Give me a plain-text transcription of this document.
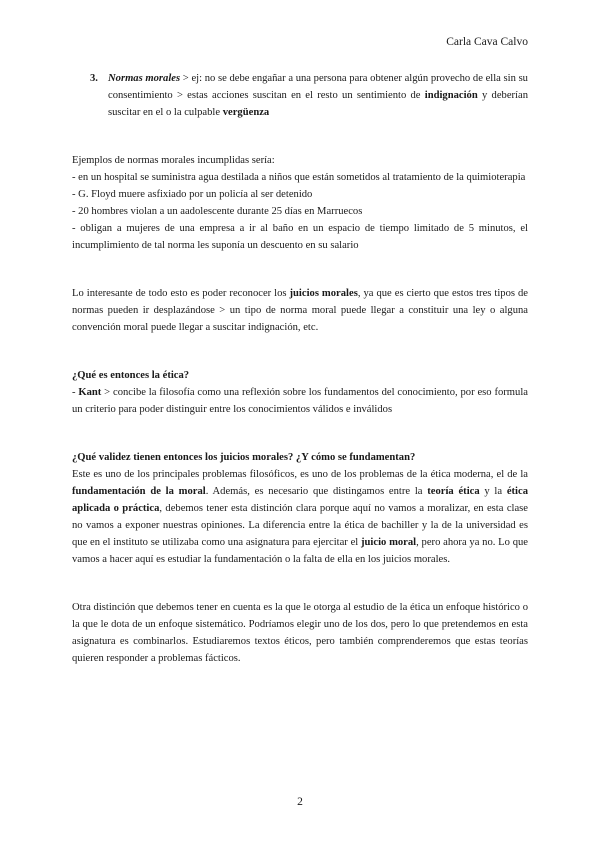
Carla Cava Calvo
3. Normas morales > ej: no se debe engañar a una persona para obtener algún provecho de ella sin su consentimiento > estas acciones suscitan en el resto un sentimiento de indignación y deberían suscitar en el o la culpable vergüenza

Ejemplos de normas morales incumplidas sería:

- en un hospital se suministra agua destilada a niños que están sometidos al tratamiento de la quimioterapia

- G. Floyd muere asfixiado por un policía al ser detenido

- 20 hombres violan a un aadolescente durante 25 días en Marruecos

- obligan a mujeres de una empresa a ir al baño en un espacio de tiempo limitado de 5 minutos, el incumplimiento de tal norma les suponía un descuento en su salario

Lo interesante de todo esto es poder reconocer los juicios morales, ya que es cierto que estos tres tipos de normas pueden ir desplazándose > un tipo de norma moral puede llegar a constituir una ley o alguna convención moral puede llegar a suscitar indignación, etc.

¿Qué es entonces la ética?

- Kant > concibe la filosofía como una reflexión sobre los fundamentos del conocimiento, por eso formula un criterio para poder distinguir entre los conocimientos válidos e inválidos

¿Qué validez tienen entonces los juicios morales? ¿Y cómo se fundamentan?

Este es uno de los principales problemas filosóficos, es uno de los problemas de la ética moderna, el de la fundamentación de la moral. Además, es necesario que distingamos entre la teoría ética y la ética aplicada o práctica, debemos tener esta distinción clara porque aquí no vamos a moralizar, en esta clase no vamos a exponer nuestras opiniones. La diferencia entre la ética de bachiller y la de la universidad es que en el instituto se utilizaba como una asignatura para ejercitar el juicio moral, pero ahora ya no. Lo que vamos a hacer aquí es estudiar la fundamentación o la falta de ella en los juicios morales.

Otra distinción que debemos tener en cuenta es la que le otorga al estudio de la ética un enfoque histórico o la que le dota de un enfoque sistemático. Podríamos elegir uno de los dos, pero lo que pretendemos en esta asignatura es combinarlos. Estudiaremos textos éticos, pero también comprenderemos que estas teorías quieren responder a problemas fácticos.

2
